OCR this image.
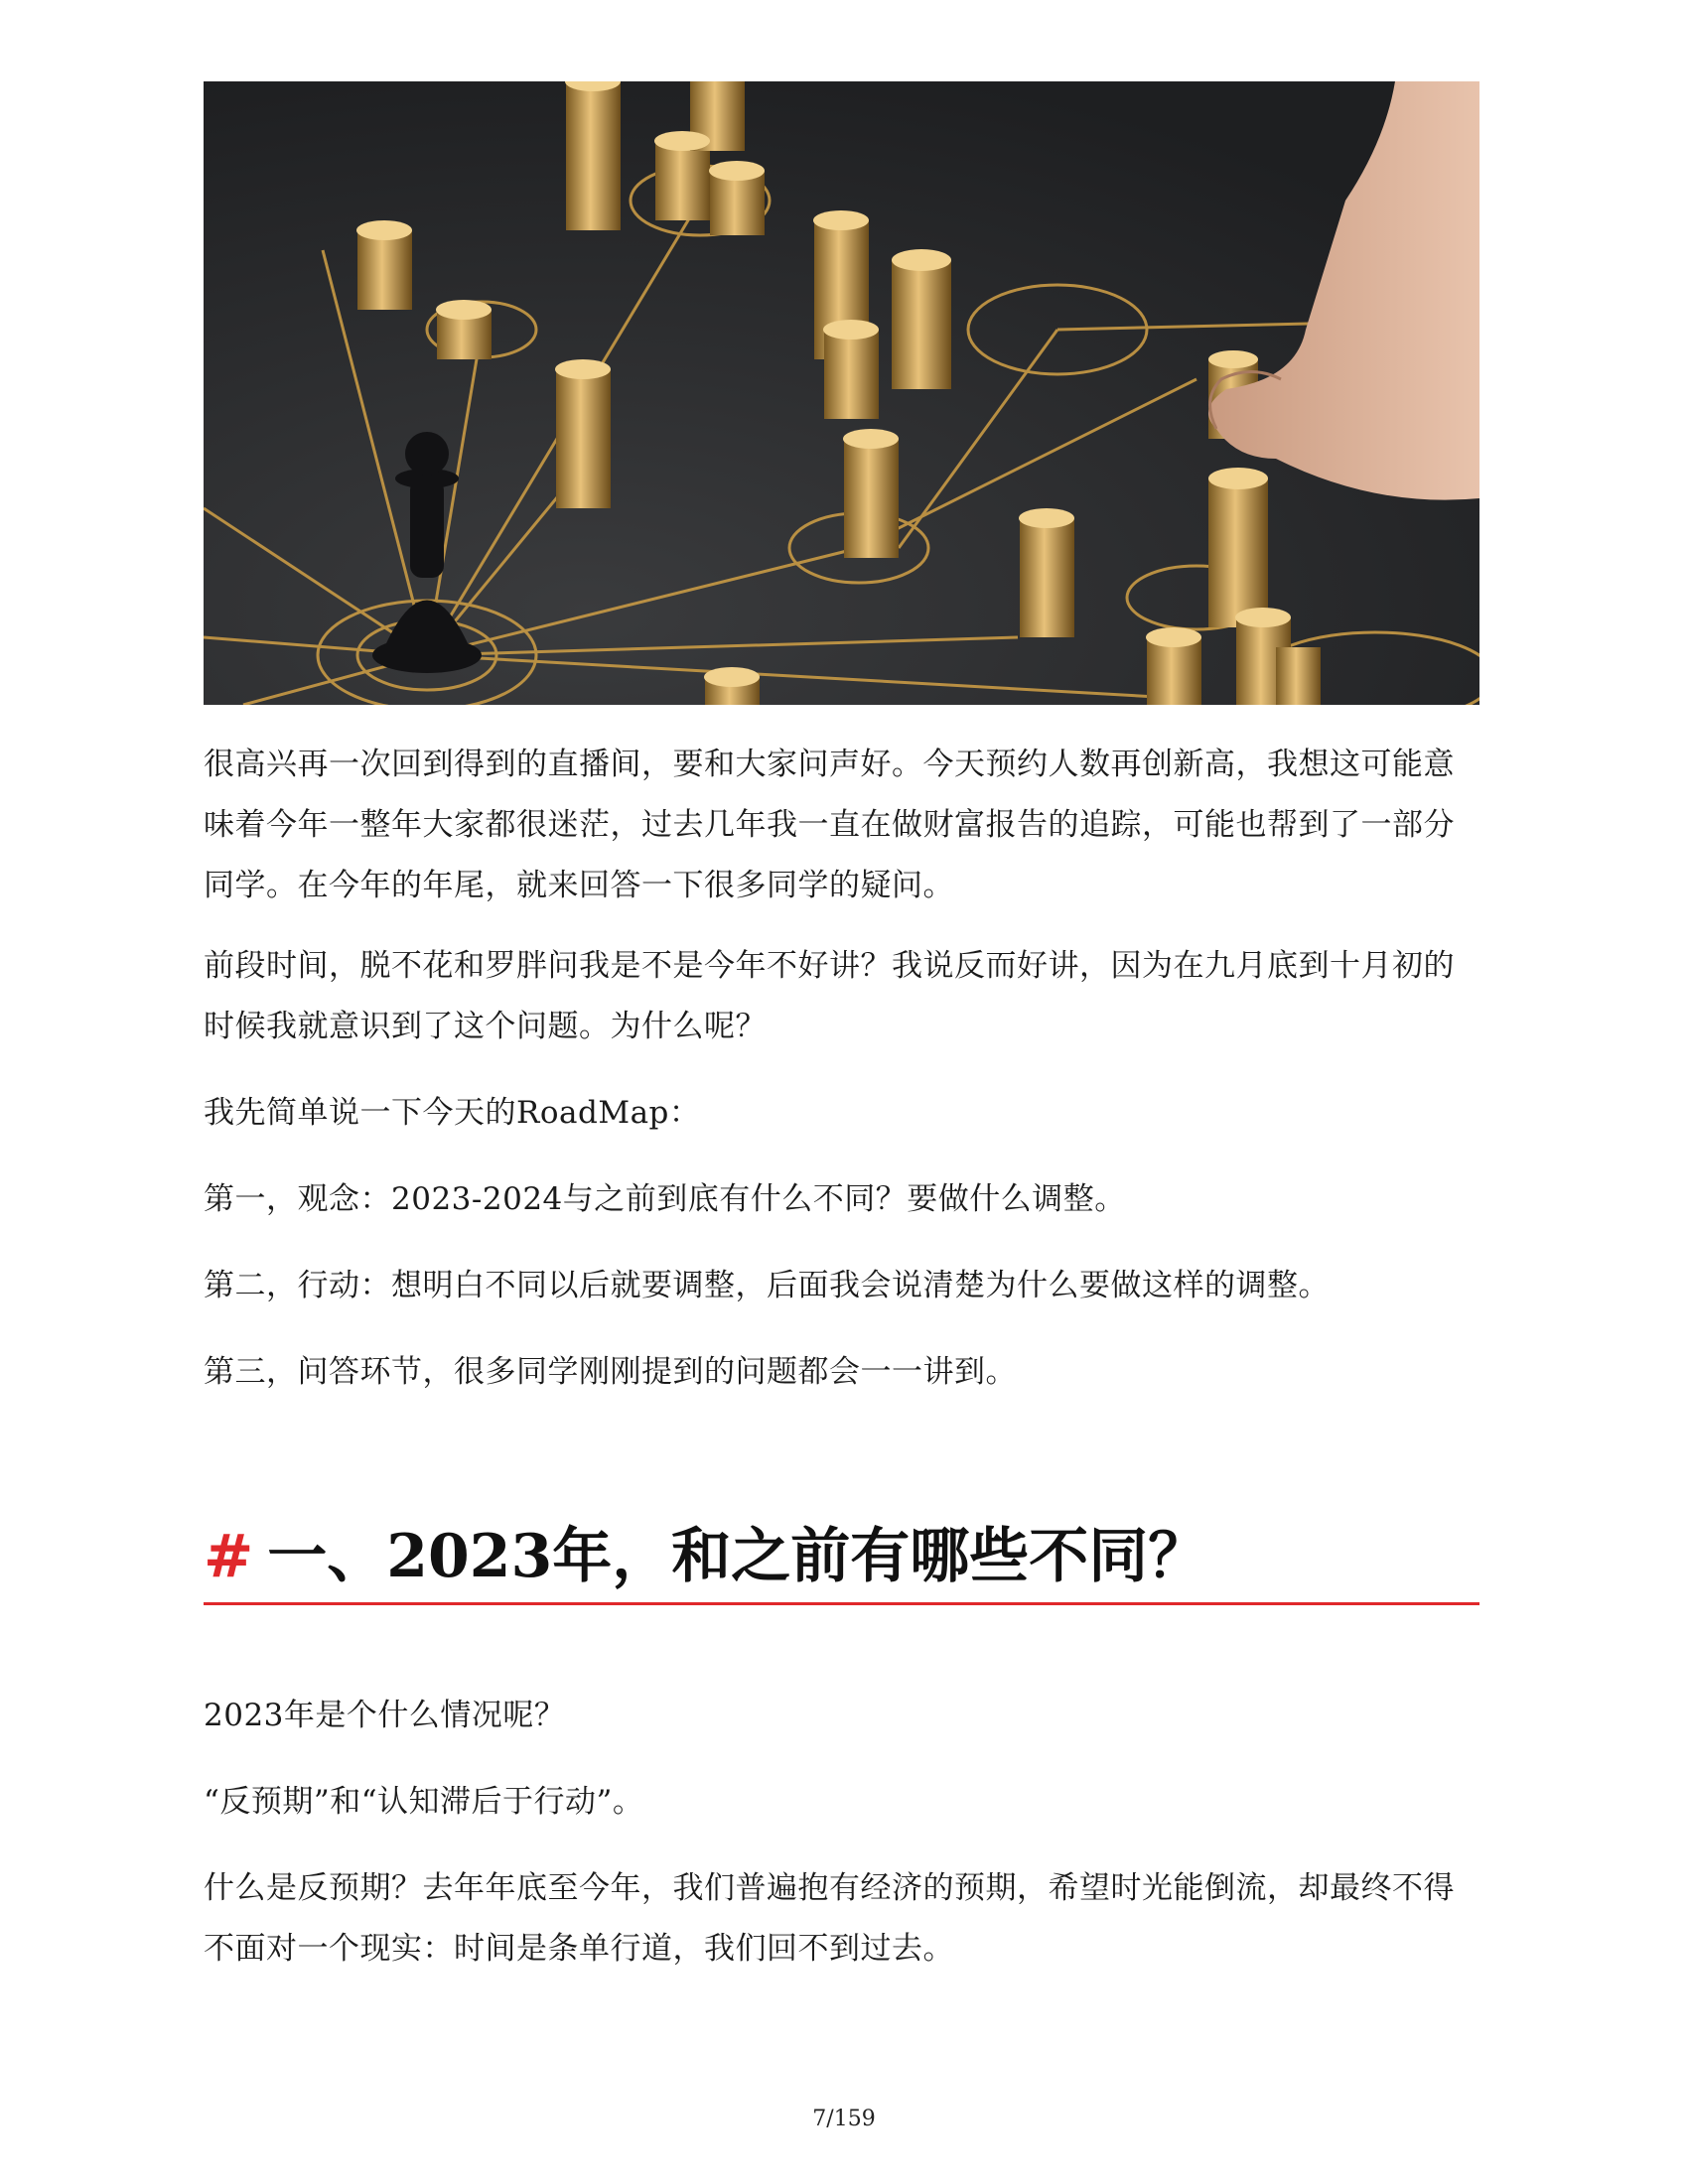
很高兴再一次回到得到的直播间，要和大家问声好。今天预约人数再创新高，我想这可能意味着今年一整年大家都很迷茫，过去几年我一直在做财富报告的追踪，可能也帮到了一部分同学。在今年的年尾，就来回答一下很多同学的疑问。

前段时间，脱不花和罗胖问我是不是今年不好讲？我说反而好讲，因为在九月底到十月初的时候我就意识到了这个问题。为什么呢？

我先简单说一下今天的RoadMap：

第一，观念：2023-2024与之前到底有什么不同？要做什么调整。

第二，行动：想明白不同以后就要调整，后面我会说清楚为什么要做这样的调整。

第三，问答环节，很多同学刚刚提到的问题都会一一讲到。

# 一、2023年，和之前有哪些不同？

2023年是个什么情况呢？

“反预期”和“认知滞后于行动”。

什么是反预期？去年年底至今年，我们普遍抱有经济的预期，希望时光能倒流，却最终不得不面对一个现实：时间是条单行道，我们回不到过去。

7/159
